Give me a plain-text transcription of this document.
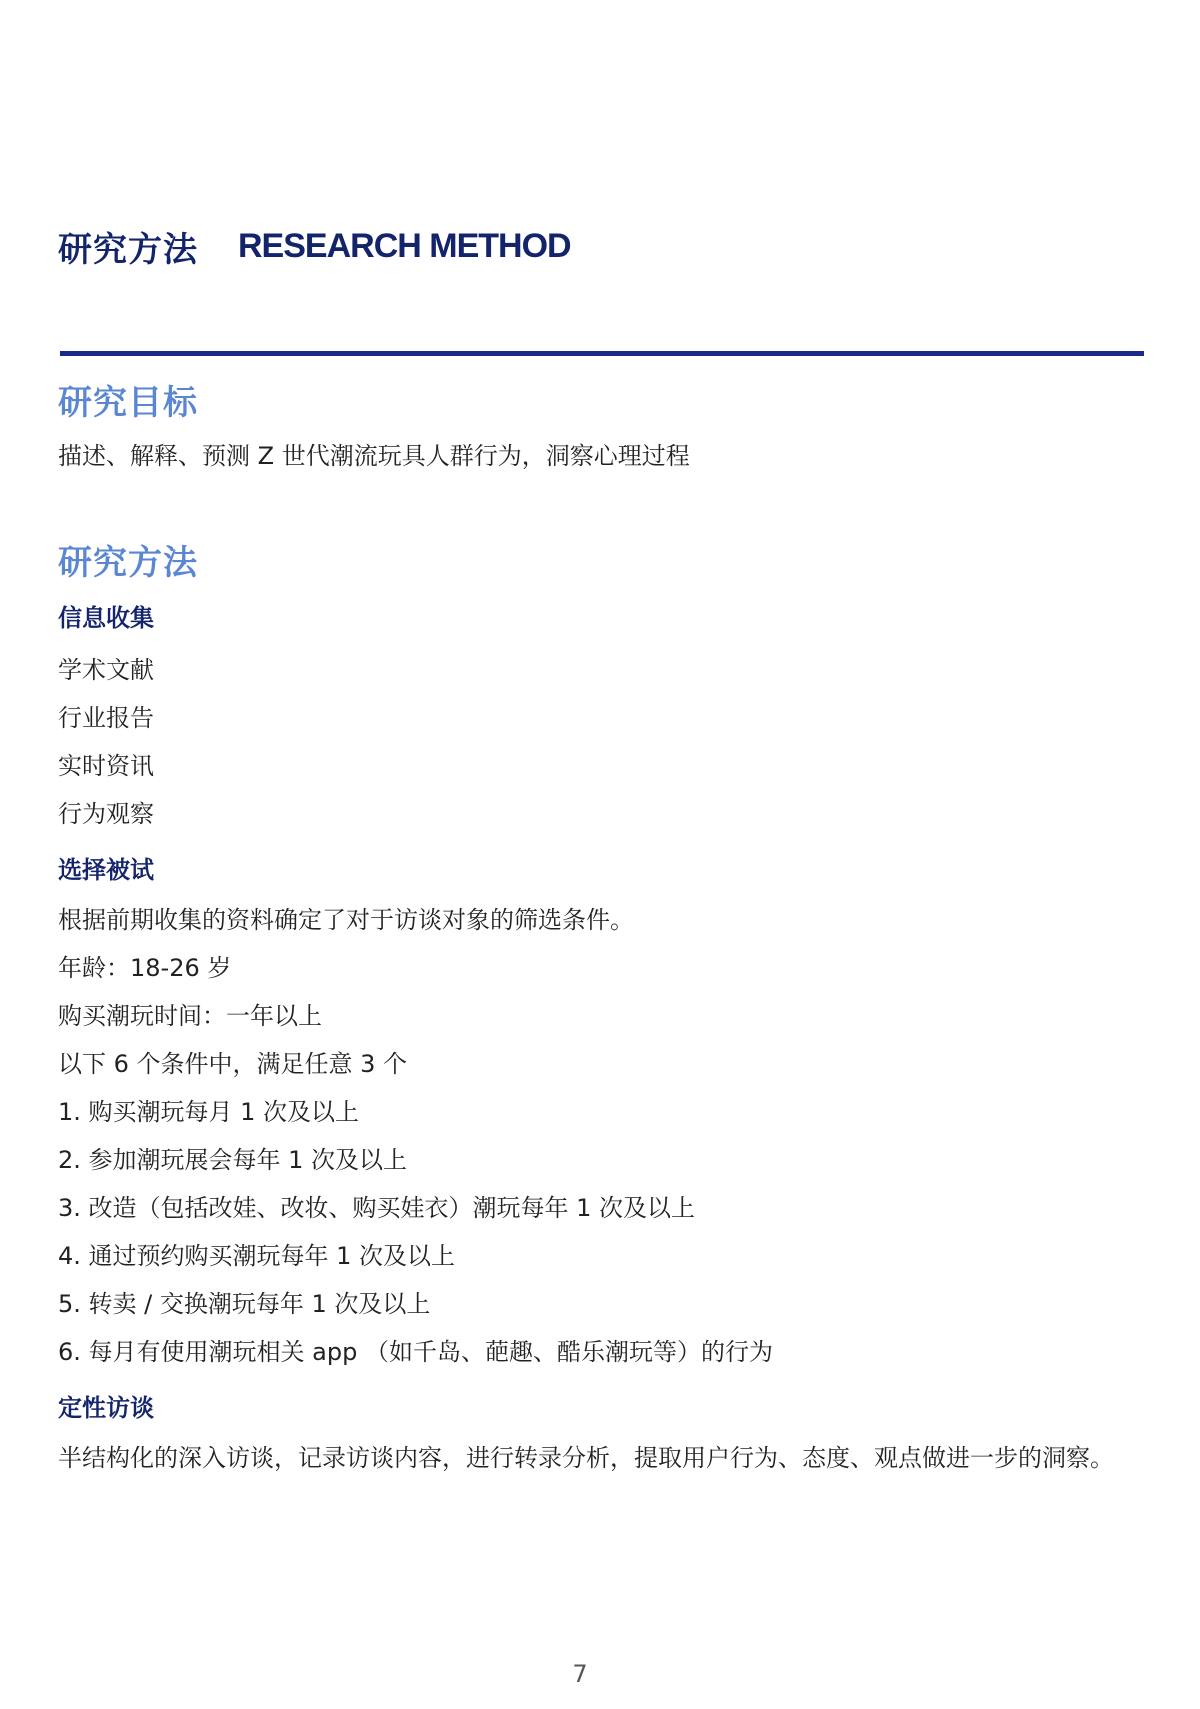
研究方法 RESEARCH METHOD
研究目标

描述、解释、预测 Z 世代潮流玩具人群行为，洞察心理过程

研究方法
信息收集

学术文献

行业报告

实时资讯

行为观察

选择被试

根据前期收集的资料确定了对于访谈对象的筛选条件。

年龄：18-26 岁

购买潮玩时间：一年以上

以下 6 个条件中，满足任意 3 个

1. 购买潮玩每月 1 次及以上

2. 参加潮玩展会每年 1 次及以上

3. 改造（包括改娃、改妆、购买娃衣）潮玩每年 1 次及以上

4. 通过预约购买潮玩每年 1 次及以上

5. 转卖 / 交换潮玩每年 1 次及以上

6. 每月有使用潮玩相关 app （如千岛、葩趣、酷乐潮玩等）的行为

定性访谈

半结构化的深入访谈，记录访谈内容，进行转录分析，提取用户行为、态度、观点做进一步的洞察。

7
